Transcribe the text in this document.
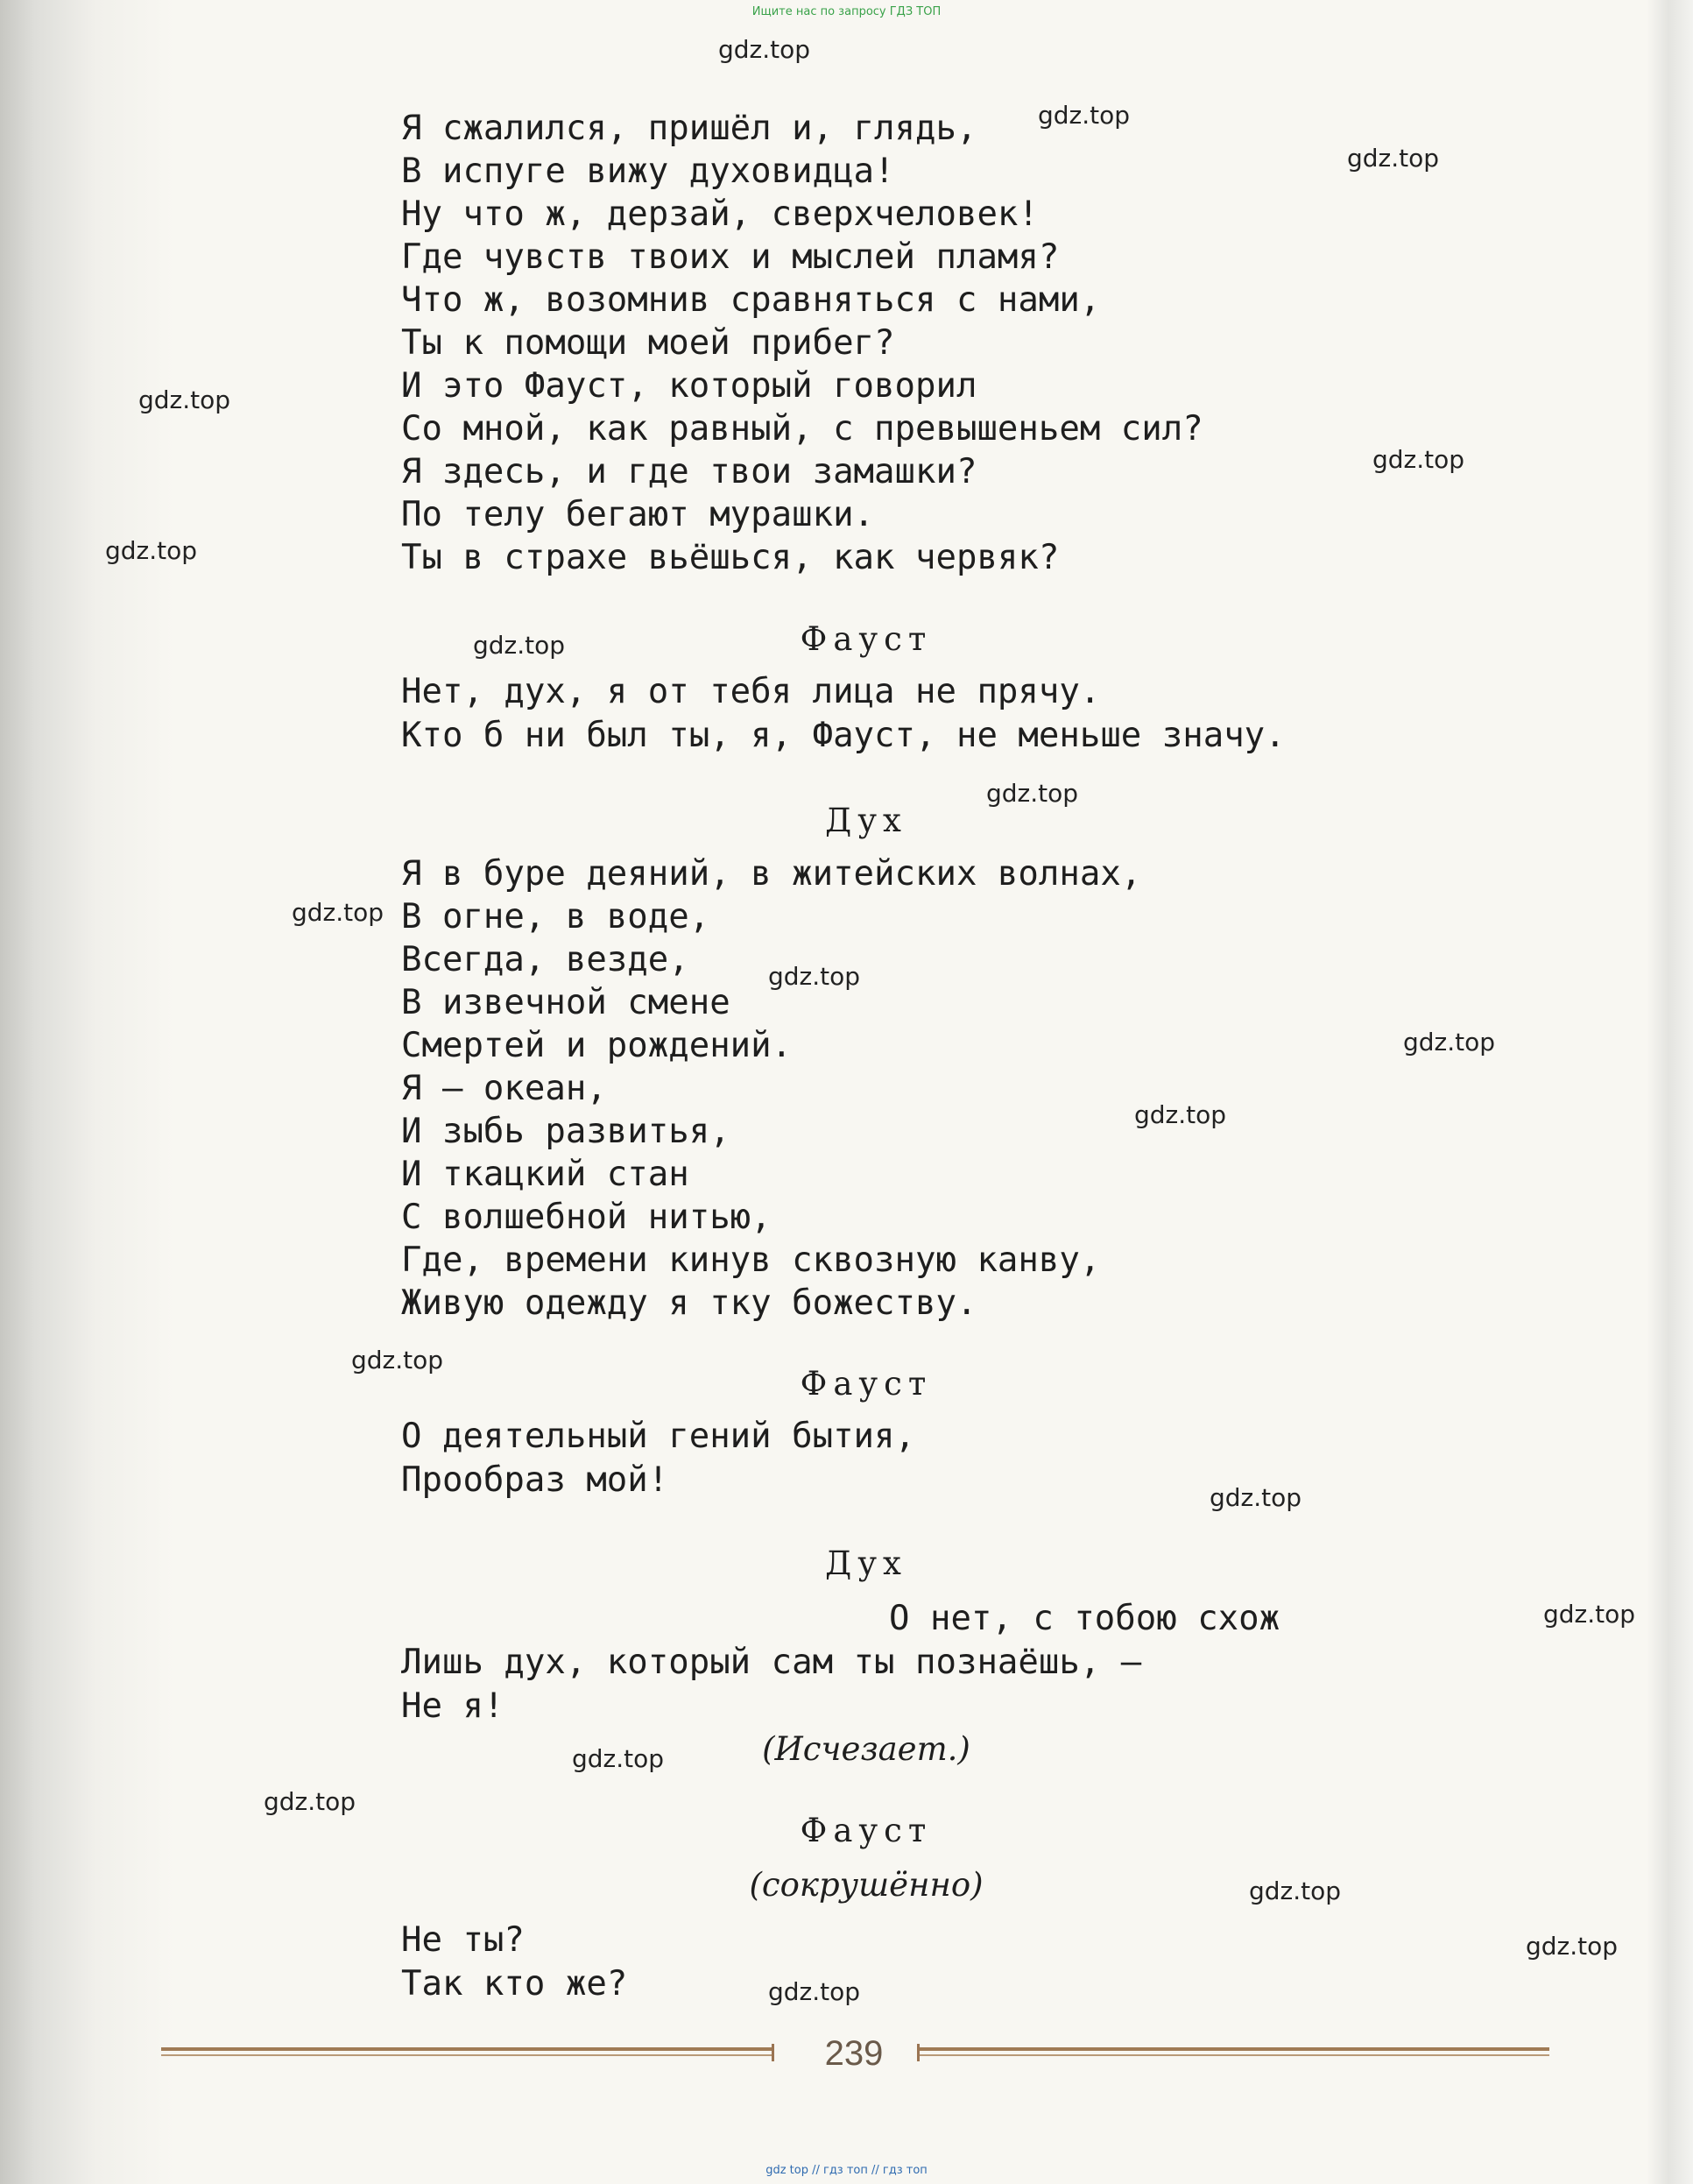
Ищите нас по запросу ГДЗ ТОП
Я сжалился, пришёл и, глядь,
В испуге вижу духовидца!
Ну что ж, дерзай, сверхчеловек!
Где чувств твоих и мыслей пламя?
Что ж, возомнив сравняться с нами,
Ты к помощи моей прибег?
И это Фауст, который говорил
Со мной, как равный, с превышеньем сил?
Я здесь, и где твои замашки?
По телу бегают мурашки.
Ты в страхе вьёшься, как червяк?
Фауст
Нет, дух, я от тебя лица не прячу.
Кто б ни был ты, я, Фауст, не меньше значу.
Дух
Я в буре деяний, в житейских волнах,
В огне, в воде,
Всегда, везде,
В извечной смене
Смертей и рождений.
Я — океан,
И зыбь развитья,
И ткацкий стан
С волшебной нитью,
Где, времени кинув сквозную канву,
Живую одежду я тку божеству.
Фауст
О деятельный гений бытия,
Прообраз мой!
Дух
О нет, с тобою схож
Лишь дух, который сам ты познаёшь, —
Не я!
(Исчезает.)
Фауст
(сокрушённо)
Не ты?
Так кто же?
gdz.top
gdz.top
gdz.top
gdz.top
gdz.top
gdz.top
gdz.top
gdz.top
gdz.top
gdz.top
gdz.top
gdz.top
gdz.top
gdz.top
gdz.top
gdz.top
gdz.top
gdz.top
gdz.top
gdz.top
239
gdz top // гдз топ // гдз топ
